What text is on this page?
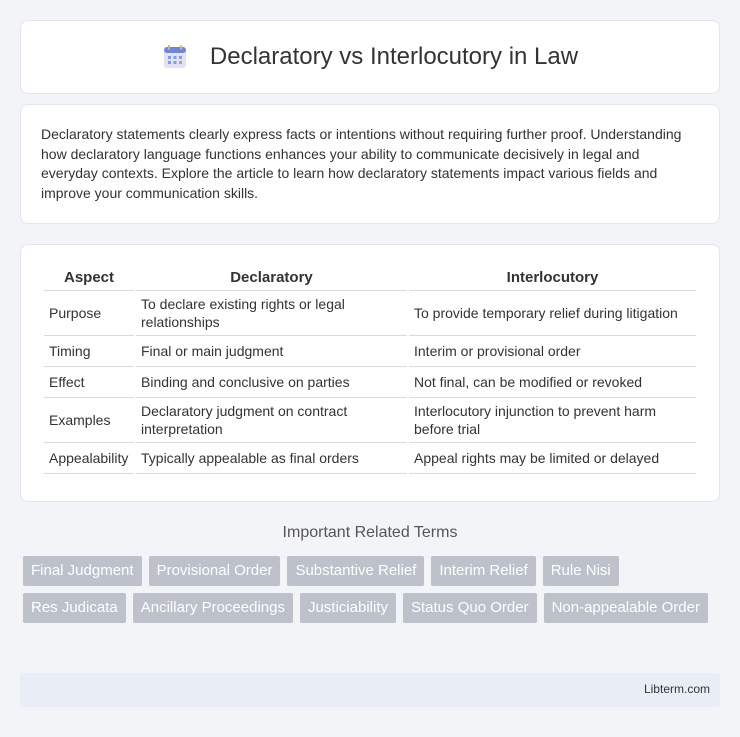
Declaratory vs Interlocutory in Law

Declaratory statements clearly express facts or intentions without requiring further proof. Understanding how declaratory language functions enhances your ability to communicate decisively in legal and everyday contexts. Explore the article to learn how declaratory statements impact various fields and improve your communication skills.

Aspect	Declaratory	Interlocutory
Purpose	To declare existing rights or legal relationships	To provide temporary relief during litigation
Timing	Final or main judgment	Interim or provisional order
Effect	Binding and conclusive on parties	Not final, can be modified or revoked
Examples	Declaratory judgment on contract interpretation	Interlocutory injunction to prevent harm before trial
Appealability	Typically appealable as final orders	Appeal rights may be limited or delayed
Important Related Terms
Final Judgment	Provisional Order	Substantive Relief	Interim Relief	Rule Nisi
Res Judicata	Ancillary Proceedings	Justiciability	Status Quo Order	Non-appealable Order
Libterm.com
